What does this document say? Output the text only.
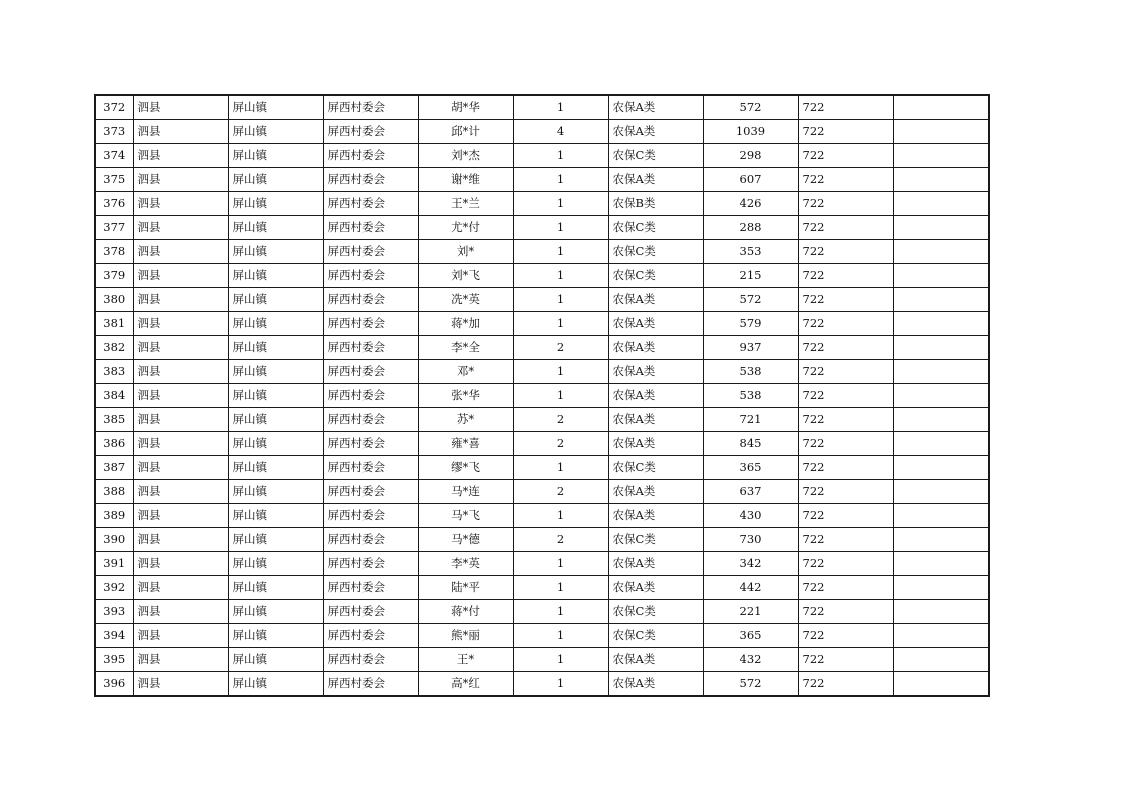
372	泗县	屏山镇	屏西村委会	胡*华	1	农保A类	572	722	
373	泗县	屏山镇	屏西村委会	邱*计	4	农保A类	1039	722	
374	泗县	屏山镇	屏西村委会	刘*杰	1	农保C类	298	722	
375	泗县	屏山镇	屏西村委会	谢*维	1	农保A类	607	722	
376	泗县	屏山镇	屏西村委会	王*兰	1	农保B类	426	722	
377	泗县	屏山镇	屏西村委会	尤*付	1	农保C类	288	722	
378	泗县	屏山镇	屏西村委会	刘*	1	农保C类	353	722	
379	泗县	屏山镇	屏西村委会	刘*飞	1	农保C类	215	722	
380	泗县	屏山镇	屏西村委会	冼*英	1	农保A类	572	722	
381	泗县	屏山镇	屏西村委会	蒋*加	1	农保A类	579	722	
382	泗县	屏山镇	屏西村委会	李*全	2	农保A类	937	722	
383	泗县	屏山镇	屏西村委会	邓*	1	农保A类	538	722	
384	泗县	屏山镇	屏西村委会	张*华	1	农保A类	538	722	
385	泗县	屏山镇	屏西村委会	苏*	2	农保A类	721	722	
386	泗县	屏山镇	屏西村委会	雍*喜	2	农保A类	845	722	
387	泗县	屏山镇	屏西村委会	缪*飞	1	农保C类	365	722	
388	泗县	屏山镇	屏西村委会	马*连	2	农保A类	637	722	
389	泗县	屏山镇	屏西村委会	马*飞	1	农保A类	430	722	
390	泗县	屏山镇	屏西村委会	马*德	2	农保C类	730	722	
391	泗县	屏山镇	屏西村委会	李*英	1	农保A类	342	722	
392	泗县	屏山镇	屏西村委会	陆*平	1	农保A类	442	722	
393	泗县	屏山镇	屏西村委会	蒋*付	1	农保C类	221	722	
394	泗县	屏山镇	屏西村委会	熊*丽	1	农保C类	365	722	
395	泗县	屏山镇	屏西村委会	王*	1	农保A类	432	722	
396	泗县	屏山镇	屏西村委会	高*红	1	农保A类	572	722	
